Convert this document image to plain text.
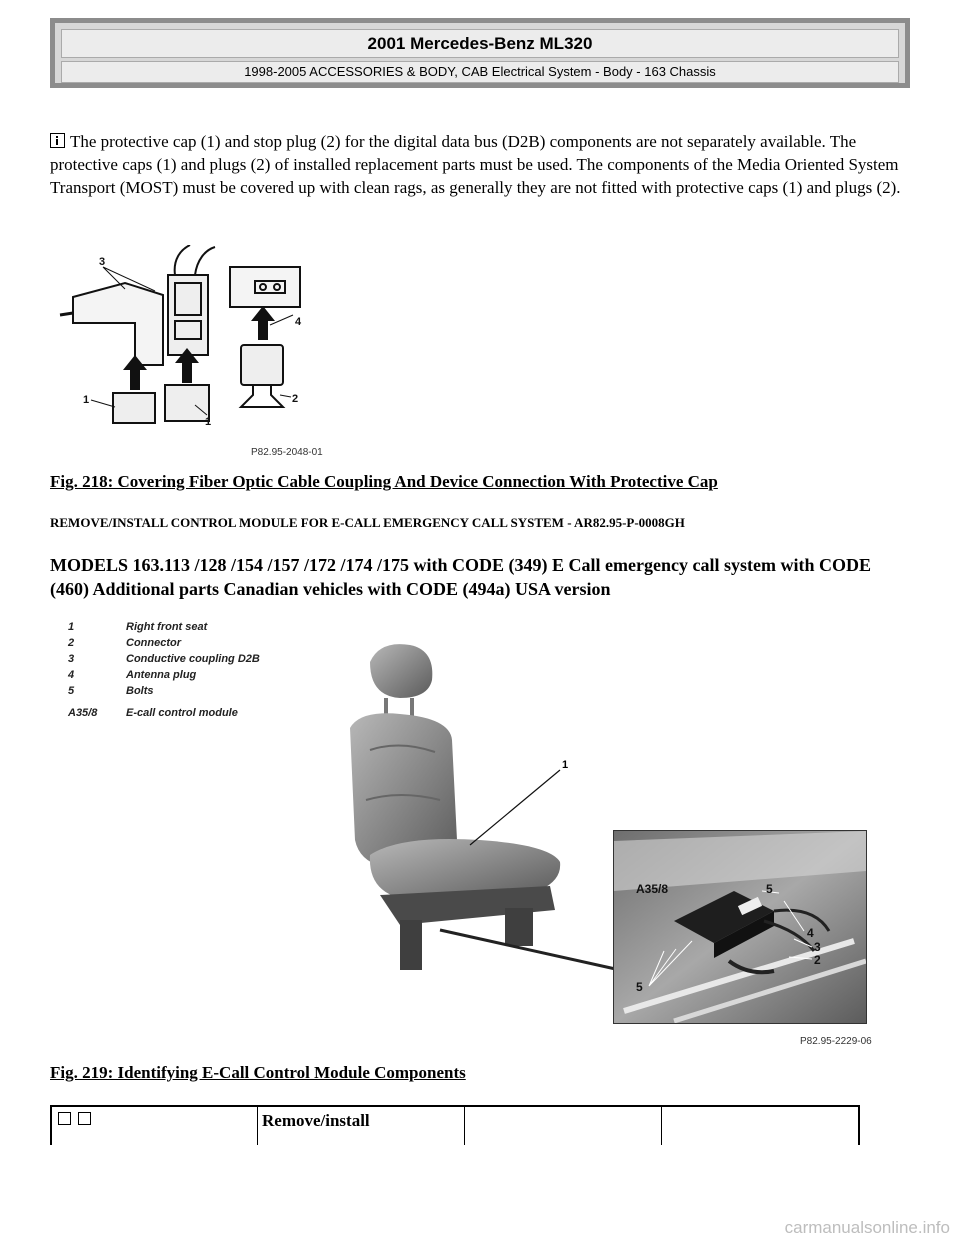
2001 Mercedes-Benz ML320
1998-2005 ACCESSORIES & BODY, CAB Electrical System - Body - 163 Chassis
The protective cap (1) and stop plug (2) for the digital data bus (D2B) components are not separately available. The protective caps (1) and plugs (2) of installed replacement parts must be used. The components of the Media Oriented System Transport (MOST) must be covered up with clean rags, as generally they are not fitted with protective caps (1) and plugs (2).
3
4
1	2
1
P82.95-2048-01
Fig. 218: Covering Fiber Optic Cable Coupling And Device Connection With Protective Cap
REMOVE/INSTALL CONTROL MODULE FOR E-CALL EMERGENCY CALL SYSTEM - AR82.95-P-0008GH
MODELS 163.113 /128 /154 /157 /172 /174 /175 with CODE (349) E Call emergency call system with CODE (460) Additional parts Canadian vehicles with CODE (494a) USA version
1	Right front seat
2	Connector
3	Conductive coupling D2B
4	Antenna plug
5	Bolts
A35/8	E-call control module
1
A35/8	5
4
3
2
5
P82.95-2229-06
Fig. 219: Identifying E-Call Control Module Components
Remove/install
carmanualsonline.info
